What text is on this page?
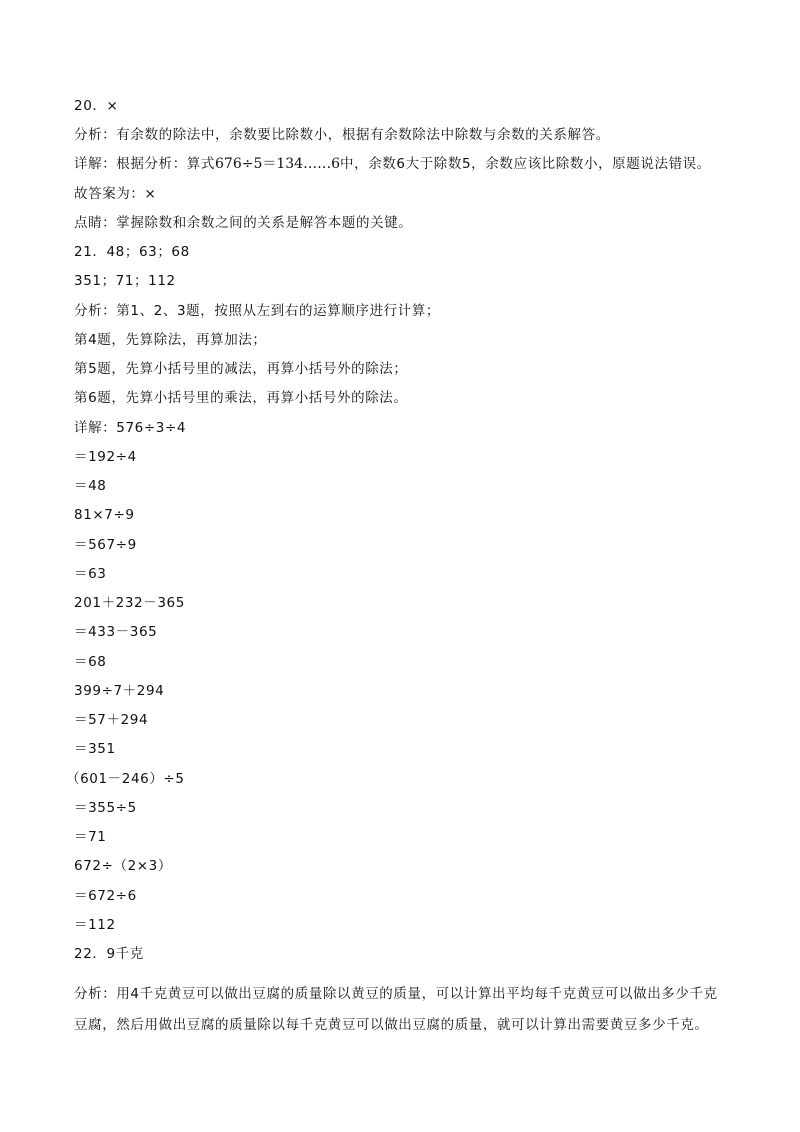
20．×
分析：有余数的除法中，余数要比除数小，根据有余数除法中除数与余数的关系解答。
详解：根据分析：算式676÷5＝134……6中，余数6大于除数5，余数应该比除数小，原题说法错误。
故答案为：×
点睛：掌握除数和余数之间的关系是解答本题的关键。
21．48；63；68
351；71；112
分析：第1、2、3题，按照从左到右的运算顺序进行计算；
第4题，先算除法，再算加法；
第5题，先算小括号里的减法，再算小括号外的除法；
第6题，先算小括号里的乘法，再算小括号外的除法。
详解：576÷3÷4
＝192÷4
＝48
81×7÷9
＝567÷9
＝63
201＋232－365
＝433－365
＝68
399÷7＋294
＝57＋294
＝351
（601－246）÷5
＝355÷5
＝71
672÷（2×3）
＝672÷6
＝112
22．9千克
分析：用4千克黄豆可以做出豆腐的质量除以黄豆的质量，可以计算出平均每千克黄豆可以做出多少千克
豆腐，然后用做出豆腐的质量除以每千克黄豆可以做出豆腐的质量，就可以计算出需要黄豆多少千克。
